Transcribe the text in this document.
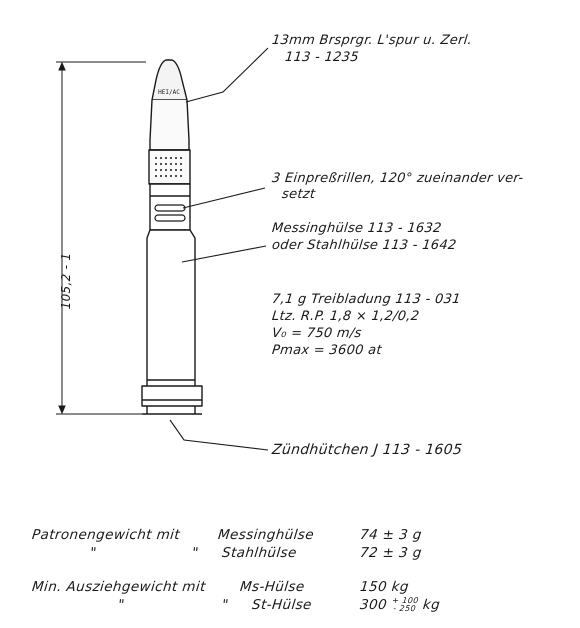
HEI/AC
105,2 - 1
13mm Brsprgr. L'spur u. Zerl.
113 - 1235
3 Einpreßrillen, 120° zueinander ver-
setzt
Messinghülse 113 - 1632
oder Stahlhülse 113 - 1642
7,1 g Treibladung 113 - 031
Ltz. R.P. 1,8 × 1,2/0,2
V₀ = 750 m/s
Pmax = 3600 at
Zündhütchen J 113 - 1605
Patronengewicht mit	Messinghülse	74 ± 3 g
"	" Stahlhülse	72 ± 3 g
Min. Ausziehgewicht mit Ms-Hülse	150 kg
"	" St-Hülse	300 $^{+ 100 - 250}$ kg
